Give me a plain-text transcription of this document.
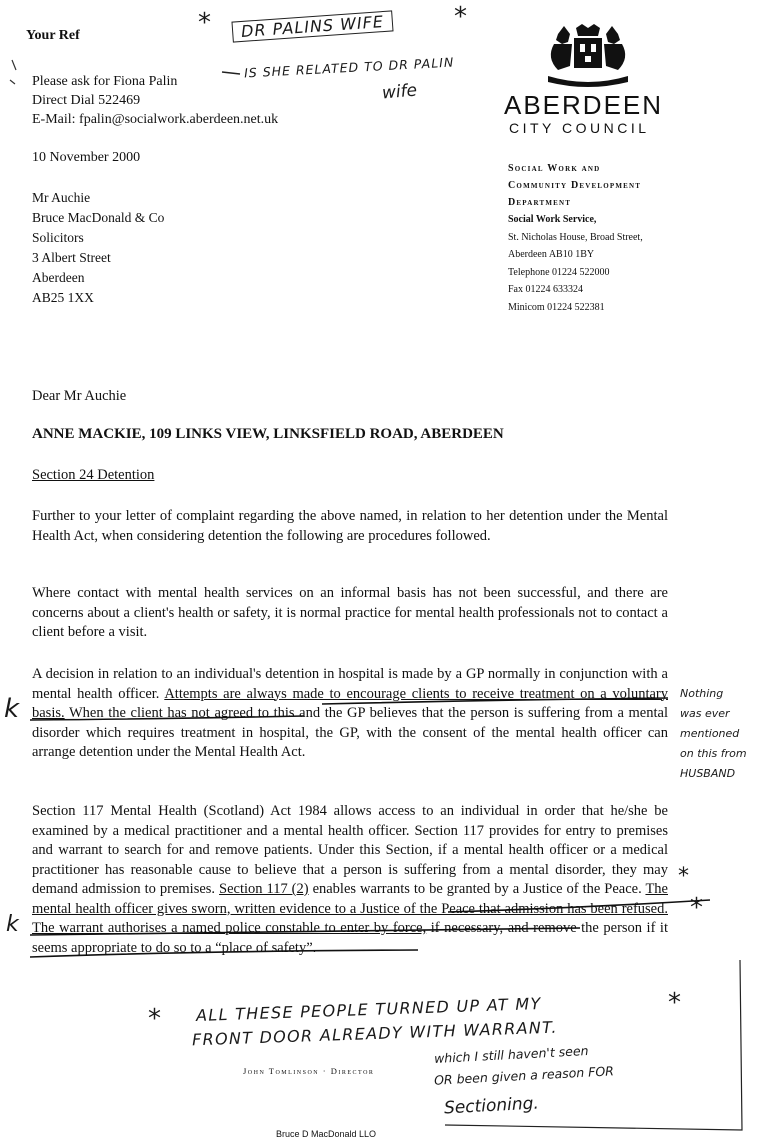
Your Ref
Please ask for Fiona Palin
Direct Dial 522469
E-Mail: fpalin@socialwork.aberdeen.net.uk
10 November 2000
Mr Auchie
Bruce MacDonald & Co
Solicitors
3 Albert Street
Aberdeen
AB25 1XX
ABERDEEN
CITY COUNCIL
Social Work and
Community Development
Department
Social Work Service,
St. Nicholas House, Broad Street,
Aberdeen AB10 1BY
Telephone 01224 522000
Fax 01224 633324
Minicom 01224 522381
Dear Mr Auchie
ANNE MACKIE, 109 LINKS VIEW, LINKSFIELD ROAD, ABERDEEN
Section 24 Detention
Further to your letter of complaint regarding the above named, in relation to her detention under the Mental Health Act, when considering detention the following are procedures followed.
Where contact with mental health services on an informal basis has not been successful, and there are concerns about a client's health or safety, it is normal practice for mental health professionals not to contact a client before a visit.
A decision in relation to an individual's detention in hospital is made by a GP normally in conjunction with a mental health officer. Attempts are always made to encourage clients to receive treatment on a voluntary basis. When the client has not agreed to this and the GP believes that the person is suffering from a mental disorder which requires treatment in hospital, the GP, with the consent of the mental health officer can arrange detention under the Mental Health Act.
Section 117 Mental Health (Scotland) Act 1984 allows access to an individual in order that he/she be examined by a medical practitioner and a mental health officer. Section 117 provides for entry to premises and warrant to search for and remove patients. Under this Section, if a mental health officer or a medical practitioner has reasonable cause to believe that a person is suffering from a mental disorder, they may demand admission to premises. Section 117 (2) enables warrants to be granted by a Justice of the Peace. The mental health officer gives sworn, written evidence to a Justice of the Peace that admission has been refused. The warrant authorises a named police constable to enter by force, if necessary, and remove the person if it seems appropriate to do so to a “place of safety”.
John Tomlinson · Director
Bruce D MacDonald LLO
*	DR PALINS WIFE	*
IS SHE RELATED TO DR PALIN
wife
k
k
Nothing
was ever
mentioned
on this from
HUSBAND
*
*
*
*
ALL THESE PEOPLE TURNED UP AT MY
FRONT DOOR ALREADY WITH WARRANT.
which I still haven't seen
OR been given a reason FOR
Sectioning.
